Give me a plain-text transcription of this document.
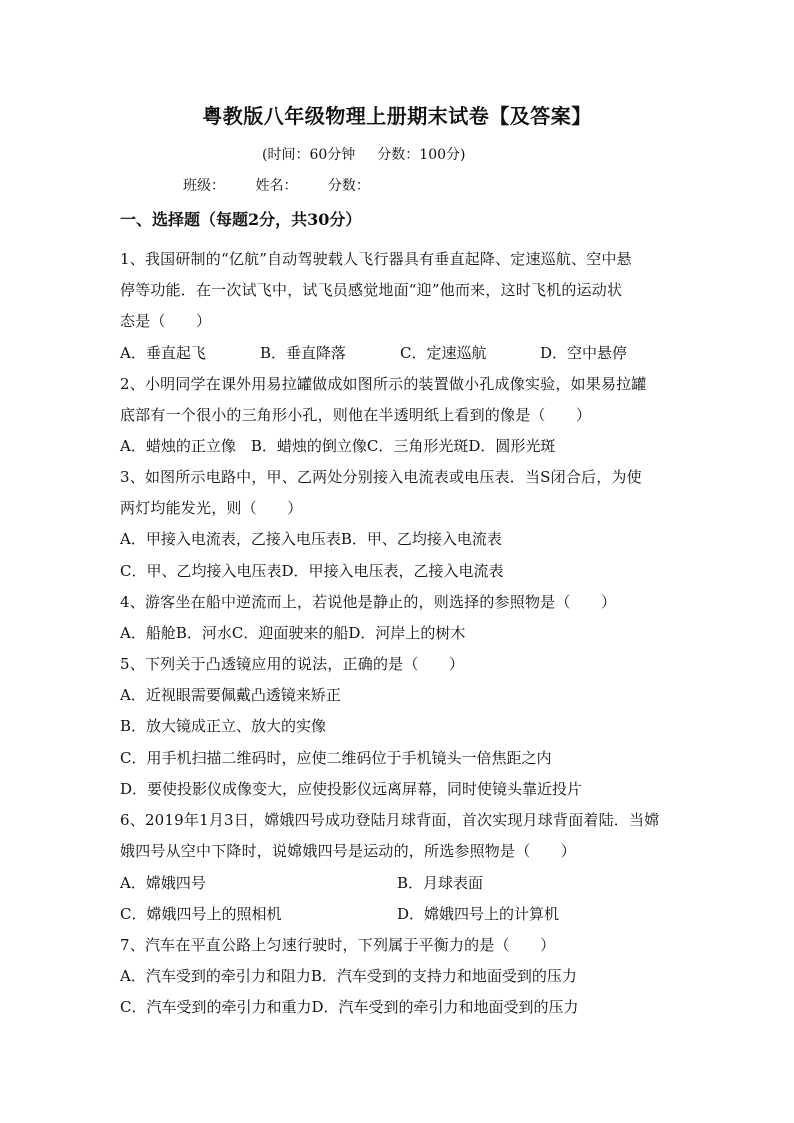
粤教版八年级物理上册期末试卷【及答案】
(时间：60分钟 分数：100分)
班级： 姓名： 分数：
一、选择题（每题2分，共30分）
1、我国研制的“亿航”自动驾驶载人飞行器具有垂直起降、定速巡航、空中悬
停等功能．在一次试飞中，试飞员感觉地面“迎”他而来，这时飞机的运动状
态是（　　）
A．垂直起飞	B．垂直降落	C．定速巡航	D．空中悬停
2、小明同学在课外用易拉罐做成如图所示的装置做小孔成像实验，如果易拉罐
底部有一个很小的三角形小孔，则他在半透明纸上看到的像是（　　）
A．蜡烛的正立像　B．蜡烛的倒立像C．三角形光斑D．圆形光斑
3、如图所示电路中，甲、乙两处分别接入电流表或电压表．当S闭合后，为使
两灯均能发光，则（　　）
A．甲接入电流表，乙接入电压表B．甲、乙均接入电流表
C．甲、乙均接入电压表D．甲接入电压表，乙接入电流表
4、游客坐在船中逆流而上，若说他是静止的，则选择的参照物是（　　）
A．船舱B．河水C．迎面驶来的船D．河岸上的树木
5、下列关于凸透镜应用的说法，正确的是（　　）
A．近视眼需要佩戴凸透镜来矫正
B．放大镜成正立、放大的实像
C．用手机扫描二维码时，应使二维码位于手机镜头一倍焦距之内
D．要使投影仪成像变大，应使投影仪远离屏幕，同时使镜头靠近投片
6、2019年1月3日，嫦娥四号成功登陆月球背面，首次实现月球背面着陆．当嫦
娥四号从空中下降时，说嫦娥四号是运动的，所选参照物是（　　）
A．嫦娥四号	B．月球表面
C．嫦娥四号上的照相机	D．嫦娥四号上的计算机
7、汽车在平直公路上匀速行驶时，下列属于平衡力的是（　　）
A．汽车受到的牵引力和阻力B．汽车受到的支持力和地面受到的压力
C．汽车受到的牵引力和重力D．汽车受到的牵引力和地面受到的压力
